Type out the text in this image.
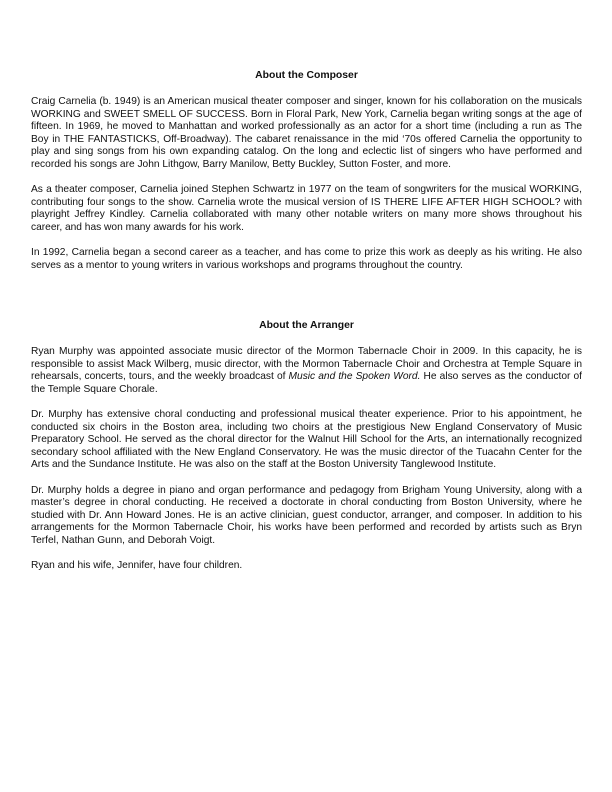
About the Composer

Craig Carnelia (b. 1949) is an American musical theater composer and singer, known for his collaboration on the musicals WORKING and SWEET SMELL OF SUCCESS. Born in Floral Park, New York, Carnelia began writing songs at the age of fifteen. In 1969, he moved to Manhattan and worked professionally as an actor for a short time (including a run as The Boy in THE FANTASTICKS, Off-Broadway). The cabaret renaissance in the mid ‘70s offered Carnelia the opportunity to play and sing songs from his own expanding catalog. On the long and eclectic list of singers who have performed and recorded his songs are John Lithgow, Barry Manilow, Betty Buckley, Sutton Foster, and more.

As a theater composer, Carnelia joined Stephen Schwartz in 1977 on the team of songwriters for the musical WORKING, contributing four songs to the show. Carnelia wrote the musical version of IS THERE LIFE AFTER HIGH SCHOOL? with playright Jeffrey Kindley. Carnelia collaborated with many other notable writers on many more shows throughout his career, and has won many awards for his work.

In 1992, Carnelia began a second career as a teacher, and has come to prize this work as deeply as his writing. He also serves as a mentor to young writers in various workshops and programs throughout the country.

About the Arranger

Ryan Murphy was appointed associate music director of the Mormon Tabernacle Choir in 2009. In this capacity, he is responsible to assist Mack Wilberg, music director, with the Mormon Tabernacle Choir and Orchestra at Temple Square in rehearsals, concerts, tours, and the weekly broadcast of Music and the Spoken Word. He also serves as the conductor of the Temple Square Chorale.

Dr. Murphy has extensive choral conducting and professional musical theater experience. Prior to his appointment, he conducted six choirs in the Boston area, including two choirs at the prestigious New England Conservatory of Music Preparatory School. He served as the choral director for the Walnut Hill School for the Arts, an internationally recognized secondary school affiliated with the New England Conservatory. He was the music director of the Tuacahn Center for the Arts and the Sundance Institute. He was also on the staff at the Boston University Tanglewood Institute.

Dr. Murphy holds a degree in piano and organ performance and pedagogy from Brigham Young University, along with a master’s degree in choral conducting. He received a doctorate in choral conducting from Boston University, where he studied with Dr. Ann Howard Jones. He is an active clinician, guest conductor, arranger, and composer. In addition to his arrangements for the Mormon Tabernacle Choir, his works have been performed and recorded by artists such as Bryn Terfel, Nathan Gunn, and Deborah Voigt.

Ryan and his wife, Jennifer, have four children.
